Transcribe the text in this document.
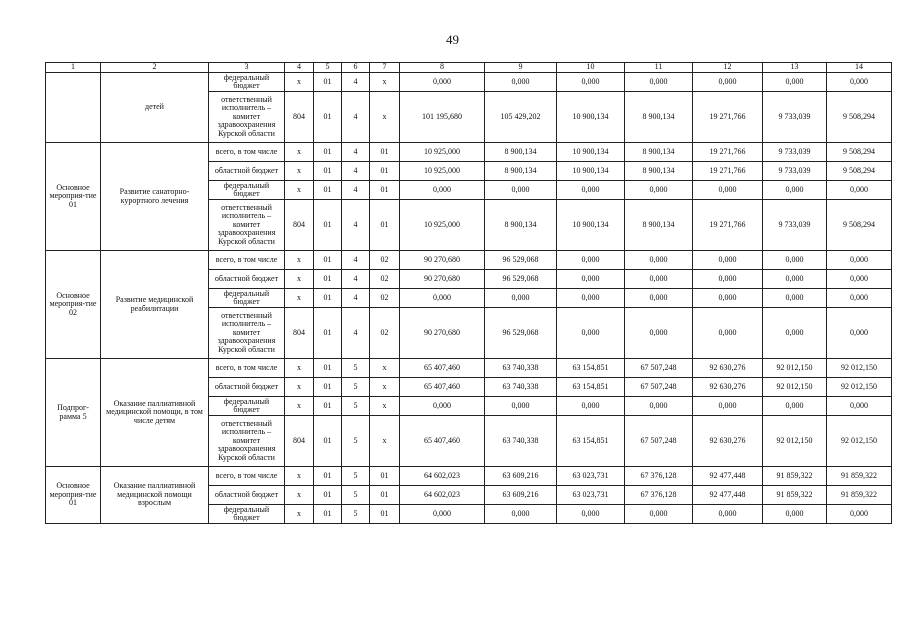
49
1	2	3	4	5	6	7	8	9	10	11	12	13	14
	детей	федеральный бюджет	х	01	4	х	0,000	0,000	0,000	0,000	0,000	0,000	0,000
		ответственный исполнитель – комитет здравоохранения Курской области	804	01	4	х	101 195,680	105 429,202	10 900,134	8 900,134	19 271,766	9 733,039	9 508,294
Основное мероприя-тие 01	Развитие санаторно-курортного лечения	всего, в том числе	х	01	4	01	10 925,000	8 900,134	10 900,134	8 900,134	19 271,766	9 733,039	9 508,294
		областной бюджет	х	01	4	01	10 925,000	8 900,134	10 900,134	8 900,134	19 271,766	9 733,039	9 508,294
		федеральный бюджет	х	01	4	01	0,000	0,000	0,000	0,000	0,000	0,000	0,000
		ответственный исполнитель – комитет здравоохранения Курской области	804	01	4	01	10 925,000	8 900,134	10 900,134	8 900,134	19 271,766	9 733,039	9 508,294
Основное мероприя-тие 02	Развитие медицинской реабилитации	всего, в том числе	х	01	4	02	90 270,680	96 529,068	0,000	0,000	0,000	0,000	0,000
		областной бюджет	х	01	4	02	90 270,680	96 529,068	0,000	0,000	0,000	0,000	0,000
		федеральный бюджет	х	01	4	02	0,000	0,000	0,000	0,000	0,000	0,000	0,000
		ответственный исполнитель – комитет здравоохранения Курской области	804	01	4	02	90 270,680	96 529,068	0,000	0,000	0,000	0,000	0,000
Подпрог-рамма 5	Оказание паллиативной медицинской помощи, в том числе детям	всего, в том числе	х	01	5	х	65 407,460	63 740,338	63 154,851	67 507,248	92 630,276	92 012,150	92 012,150
		областной бюджет	х	01	5	х	65 407,460	63 740,338	63 154,851	67 507,248	92 630,276	92 012,150	92 012,150
		федеральный бюджет	х	01	5	х	0,000	0,000	0,000	0,000	0,000	0,000	0,000
		ответственный исполнитель – комитет здравоохранения Курской области	804	01	5	х	65 407,460	63 740,338	63 154,851	67 507,248	92 630,276	92 012,150	92 012,150
Основное мероприя-тие 01	Оказание паллиативной медицинской помощи взрослым	всего, в том числе	х	01	5	01	64 602,023	63 609,216	63 023,731	67 376,128	92 477,448	91 859,322	91 859,322
		областной бюджет	х	01	5	01	64 602,023	63 609,216	63 023,731	67 376,128	92 477,448	91 859,322	91 859,322
		федеральный бюджет	х	01	5	01	0,000	0,000	0,000	0,000	0,000	0,000	0,000
